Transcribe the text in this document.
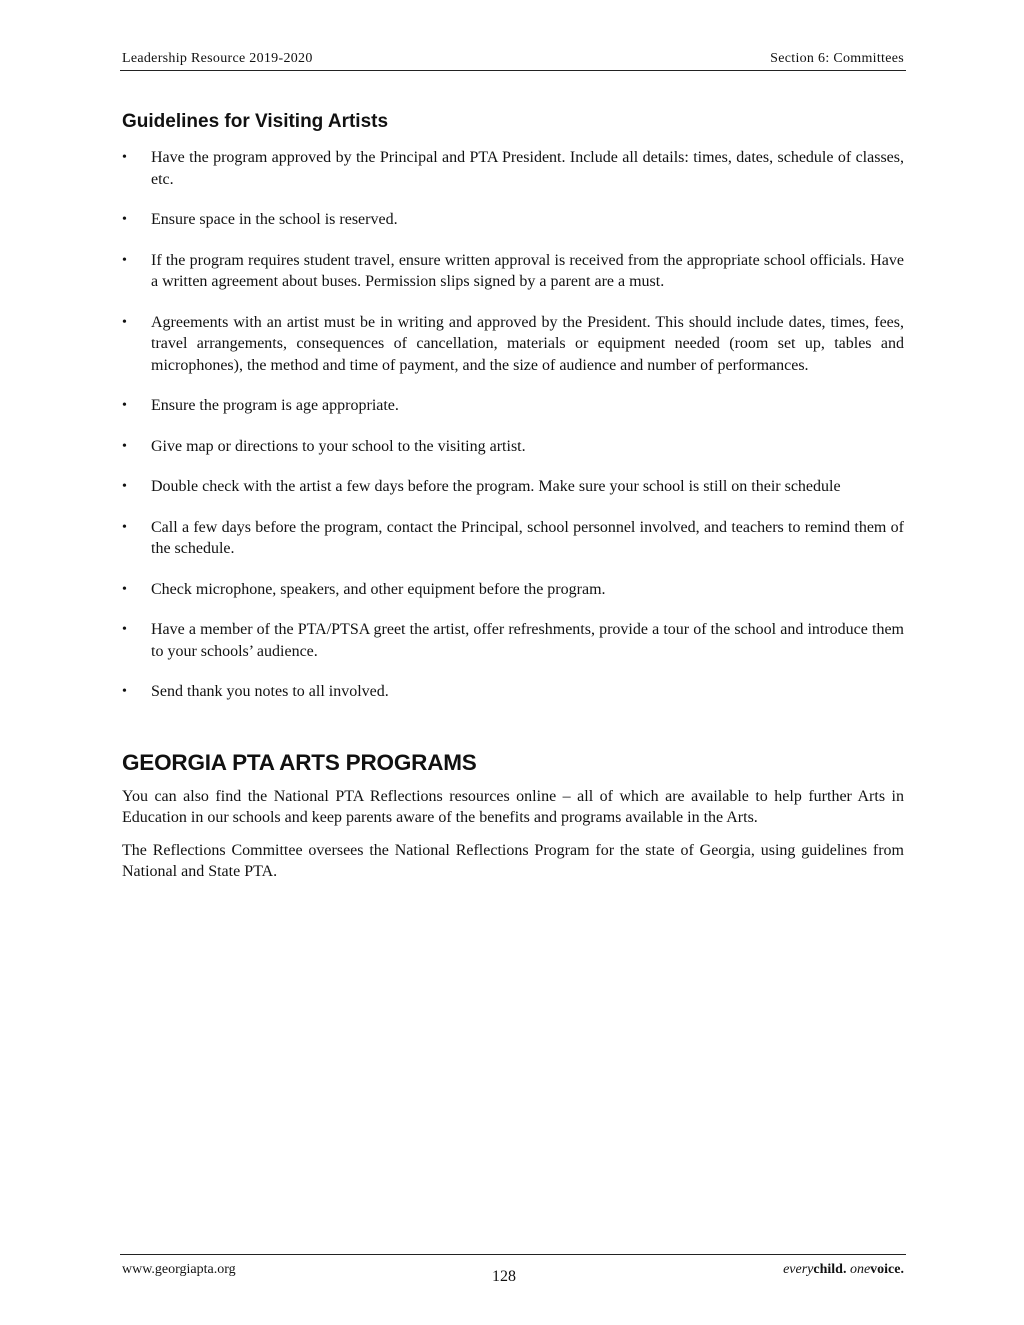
Leadership Resource 2019-2020	Section 6: Committees
Guidelines for Visiting Artists
• Have the program approved by the Principal and PTA President. Include all details: times, dates, schedule of classes, etc.
• Ensure space in the school is reserved.
• If the program requires student travel, ensure written approval is received from the appropriate school officials. Have a written agreement about buses. Permission slips signed by a parent are a must.
• Agreements with an artist must be in writing and approved by the President. This should include dates, times, fees, travel arrangements, consequences of cancellation, materials or equipment needed (room set up, tables and microphones), the method and time of payment, and the size of audience and number of performances.
• Ensure the program is age appropriate.
• Give map or directions to your school to the visiting artist.
• Double check with the artist a few days before the program. Make sure your school is still on their schedule
• Call a few days before the program, contact the Principal, school personnel involved, and teachers to remind them of the schedule.
• Check microphone, speakers, and other equipment before the program.
• Have a member of the PTA/PTSA greet the artist, offer refreshments, provide a tour of the school and introduce them to your schools’ audience.
• Send thank you notes to all involved.
GEORGIA PTA ARTS PROGRAMS

You can also find the National PTA Reflections resources online – all of which are available to help further Arts in Education in our schools and keep parents aware of the benefits and programs available in the Arts.

The Reflections Committee oversees the National Reflections Program for the state of Georgia, using guidelines from National and State PTA.

www.georgiapta.org	128	everychild. onevoice.
